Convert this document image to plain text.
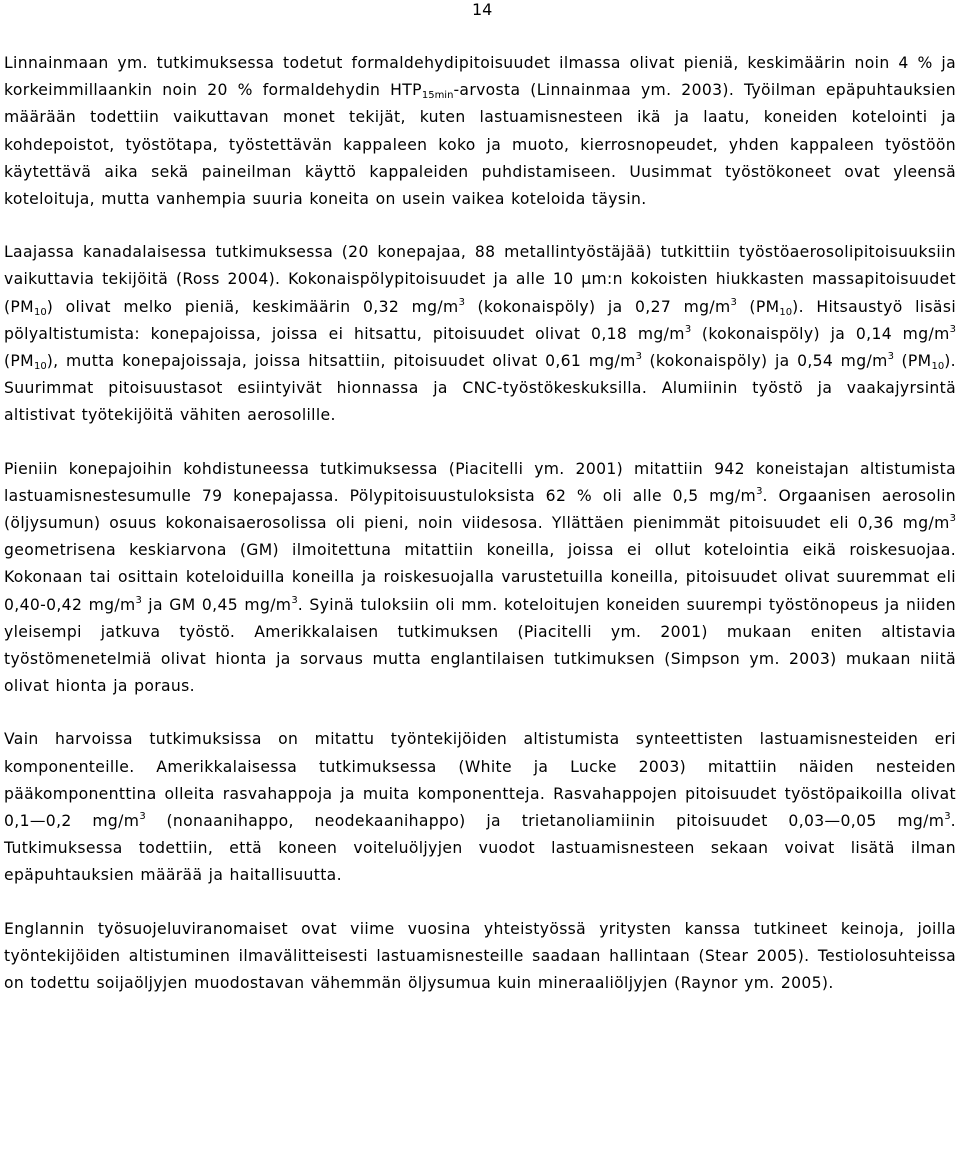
14

Linnainmaan ym. tutkimuksessa todetut formaldehydipitoisuudet ilmassa olivat pieniä, keskimäärin noin 4 % ja korkeimmillaankin noin 20 % formaldehydin $HTP_{15min}$-arvosta (Linnainmaa ym. 2003). Työilman epäpuhtauksien määrään todettiin vaikuttavan monet tekijät, kuten lastuamisnesteen ikä ja laatu, koneiden kotelointi ja kohdepoistot, työstötapa, työstettävän kappaleen koko ja muoto, kierrosnopeudet, yhden kappaleen työstöön käytettävä aika sekä paineilman käyttö kappaleiden puhdistamiseen. Uusimmat työstökoneet ovat yleensä koteloituja, mutta vanhempia suuria koneita on usein vaikea koteloida täysin.

Laajassa kanadalaisessa tutkimuksessa (20 konepajaa, 88 metallintyöstäjää) tutkittiin työstöaerosolipitoisuuksiin vaikuttavia tekijöitä (Ross 2004). Kokonaispölypitoisuudet ja alle 10 µm:n kokoisten hiukkasten massapitoisuudet $(PM_{10})$ olivat melko pieniä, keskimäärin 0,32 $mg/m^3$ (kokonaispöly) ja 0,27 $mg/m^3$ $(PM_{10})$. Hitsaustyö lisäsi pölyaltistumista: konepajoissa, joissa ei hitsattu, pitoisuudet olivat 0,18 $mg/m^3$ (kokonaispöly) ja 0,14 $mg/m^3$ $(PM_{10})$, mutta konepajoissaja, joissa hitsattiin, pitoisuudet olivat 0,61 $mg/m^3$ (kokonaispöly) ja 0,54 $mg/m^3$ $(PM_{10})$. Suurimmat pitoisuustasot esiintyivät hionnassa ja CNC-työstökeskuksilla. Alumiinin työstö ja vaakajyrsintä altistivat työtekijöitä vähiten aerosolille.

Pieniin konepajoihin kohdistuneessa tutkimuksessa (Piacitelli ym. 2001) mitattiin 942 koneistajan altistumista lastuamisnestesumulle 79 konepajassa. Pölypitoisuustuloksista 62 % oli alle 0,5 $mg/m^3$. Orgaanisen aerosolin (öljysumun) osuus kokonaisaerosolissa oli pieni, noin viidesosa. Yllättäen pienimmät pitoisuudet eli 0,36 $mg/m^3$ geometrisena keskiarvona (GM) ilmoitettuna mitattiin koneilla, joissa ei ollut kotelointia eikä roiskesuojaa. Kokonaan tai osittain koteloiduilla koneilla ja roiskesuojalla varustetuilla koneilla, pitoisuudet olivat suuremmat eli 0,40-0,42 $mg/m^3$ ja GM 0,45 $mg/m^3$. Syinä tuloksiin oli mm. koteloitujen koneiden suurempi työstönopeus ja niiden yleisempi jatkuva työstö. Amerikkalaisen tutkimuksen (Piacitelli ym. 2001) mukaan eniten altistavia työstömenetelmiä olivat hionta ja sorvaus mutta englantilaisen tutkimuksen (Simpson ym. 2003) mukaan niitä olivat hionta ja poraus.

Vain harvoissa tutkimuksissa on mitattu työntekijöiden altistumista synteettisten lastuamisnesteiden eri komponenteille. Amerikkalaisessa tutkimuksessa (White ja Lucke 2003) mitattiin näiden nesteiden pääkomponenttina olleita rasvahappoja ja muita komponentteja. Rasvahappojen pitoisuudet työstöpaikoilla olivat 0,1—0,2 $mg/m^3$ (nonaanihappo, neodekaanihappo) ja trietanoliamiinin pitoisuudet 0,03—0,05 $mg/m^3$. Tutkimuksessa todettiin, että koneen voiteluöljyjen vuodot lastuamisnesteen sekaan voivat lisätä ilman epäpuhtauksien määrää ja haitallisuutta.

Englannin työsuojeluviranomaiset ovat viime vuosina yhteistyössä yritysten kanssa tutkineet keinoja, joilla työntekijöiden altistuminen ilmavälitteisesti lastuamisnesteille saadaan hallintaan (Stear 2005). Testiolosuhteissa on todettu soijaöljyjen muodostavan vähemmän öljysumua kuin mineraaliöljyjen (Raynor ym. 2005).
